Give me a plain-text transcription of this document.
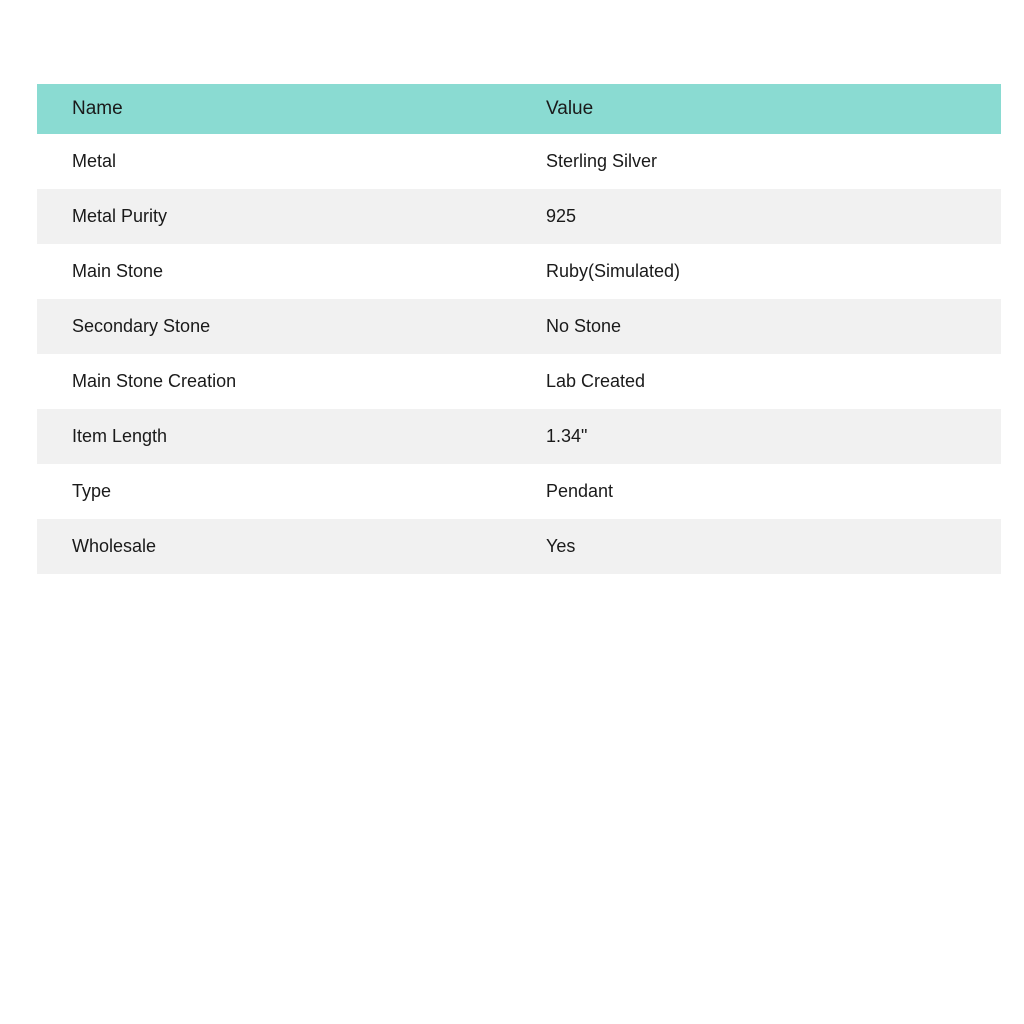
Name	Value
Metal	Sterling Silver
Metal Purity	925
Main Stone	Ruby(Simulated)
Secondary Stone	No Stone
Main Stone Creation	Lab Created
Item Length	1.34"
Type	Pendant
Wholesale	Yes
